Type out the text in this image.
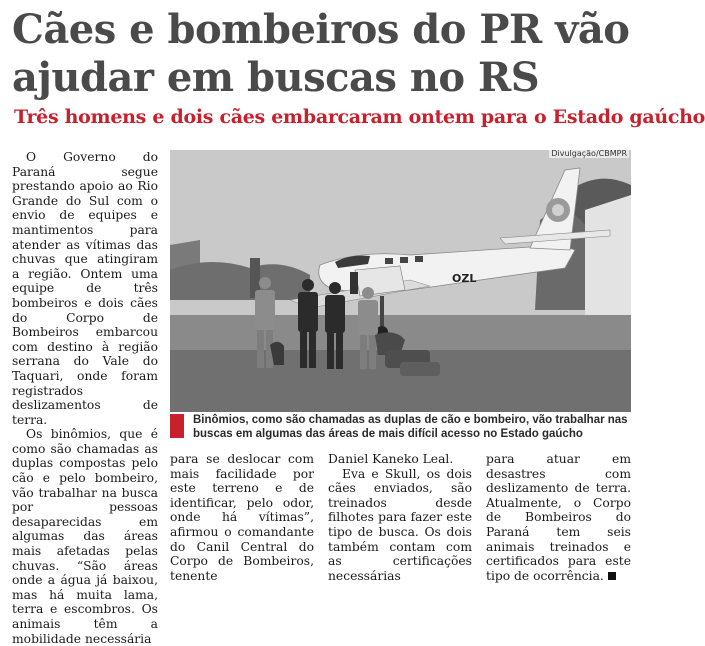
Cães e bombeiros do PR vão
ajudar em buscas no RS
Três homens e dois cães embarcaram ontem para o Estado gaúcho

O Governo do Paraná segue prestando apoio ao Rio Grande do Sul com o envio de equipes e mantimentos para atender as vítimas das chuvas que atingiram a região. Ontem uma equipe de três bombeiros e dois cães do Corpo de Bombeiros embarcou com destino à região serrana do Vale do Taquari, onde foram registrados deslizamentos de terra.

Os binômios, que é como são chamadas as duplas compostas pelo cão e pelo bombeiro, vão trabalhar na busca por pessoas desaparecidas em algumas das áreas mais afetadas pelas chuvas. “São áreas onde a água já baixou, mas há muita lama, terra e escombros. Os animais têm a mobilidade necessária

OZL
Divulgação/CBMPR

Binômios, como são chamadas as duplas de cão e bombeiro, vão trabalhar nas buscas em algumas das áreas de mais difícil acesso no Estado gaúcho

para se deslocar com mais facilidade por este terreno e de identificar, pelo odor, onde há vítimas”, afirmou o comandante do Canil Central do Corpo de Bombeiros, tenente

Daniel Kaneko Leal.

Eva e Skull, os dois cães enviados, são treinados desde filhotes para fazer este tipo de busca. Os dois também contam com as certificações necessárias

para atuar em desastres com deslizamento de terra. Atualmente, o Corpo de Bombeiros do Paraná tem seis animais treinados e certificados para este tipo de ocorrência.
